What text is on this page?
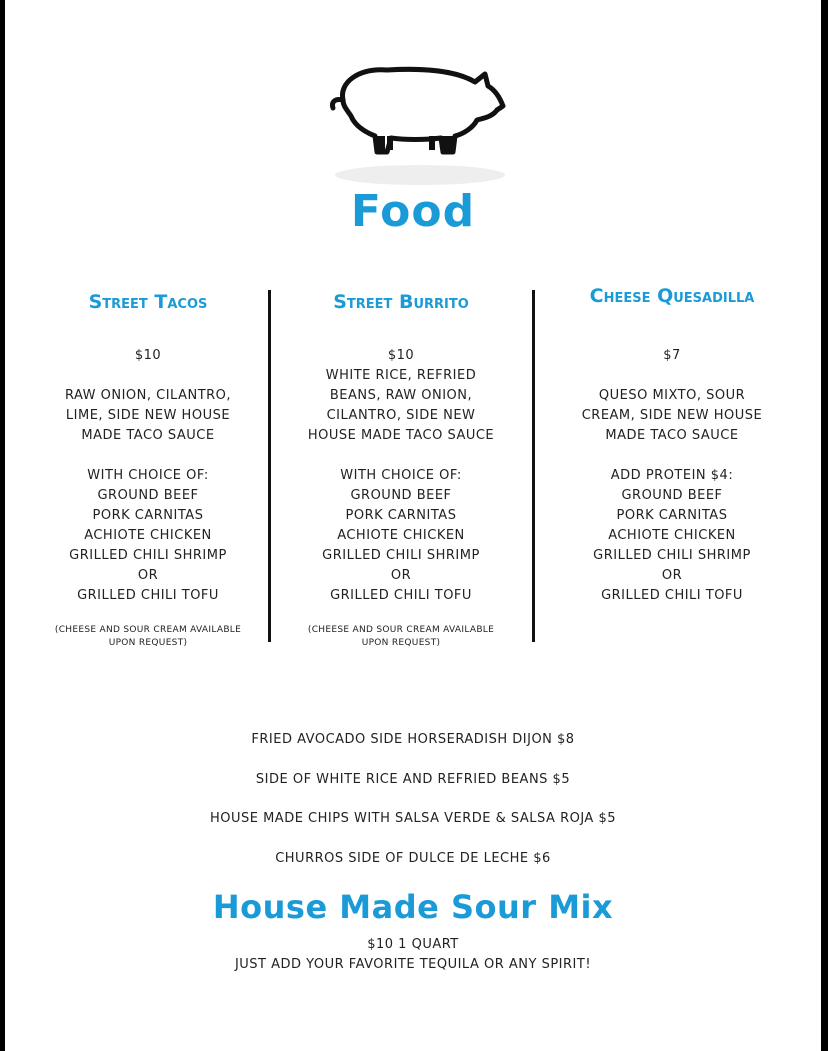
Food
Street Tacos
$10
RAW ONION, CILANTRO,
LIME, SIDE NEW HOUSE
MADE TACO SAUCE
WITH CHOICE OF:
GROUND BEEF
PORK CARNITAS
ACHIOTE CHICKEN
GRILLED CHILI SHRIMP
OR
GRILLED CHILI TOFU
(CHEESE AND SOUR CREAM AVAILABLE
UPON REQUEST)
Street Burrito
$10
WHITE RICE, REFRIED
BEANS, RAW ONION,
CILANTRO, SIDE NEW
HOUSE MADE TACO SAUCE
WITH CHOICE OF:
GROUND BEEF
PORK CARNITAS
ACHIOTE CHICKEN
GRILLED CHILI SHRIMP
OR
GRILLED CHILI TOFU
(CHEESE AND SOUR CREAM AVAILABLE
UPON REQUEST)
Cheese Quesadilla
$7
QUESO MIXTO, SOUR
CREAM, SIDE NEW HOUSE
MADE TACO SAUCE
ADD PROTEIN $4:
GROUND BEEF
PORK CARNITAS
ACHIOTE CHICKEN
GRILLED CHILI SHRIMP
OR
GRILLED CHILI TOFU
FRIED AVOCADO SIDE HORSERADISH DIJON $8
SIDE OF WHITE RICE AND REFRIED BEANS $5
HOUSE MADE CHIPS WITH SALSA VERDE & SALSA ROJA $5
CHURROS SIDE OF DULCE DE LECHE $6
House Made Sour Mix
$10 1 QUART
JUST ADD YOUR FAVORITE TEQUILA OR ANY SPIRIT!
